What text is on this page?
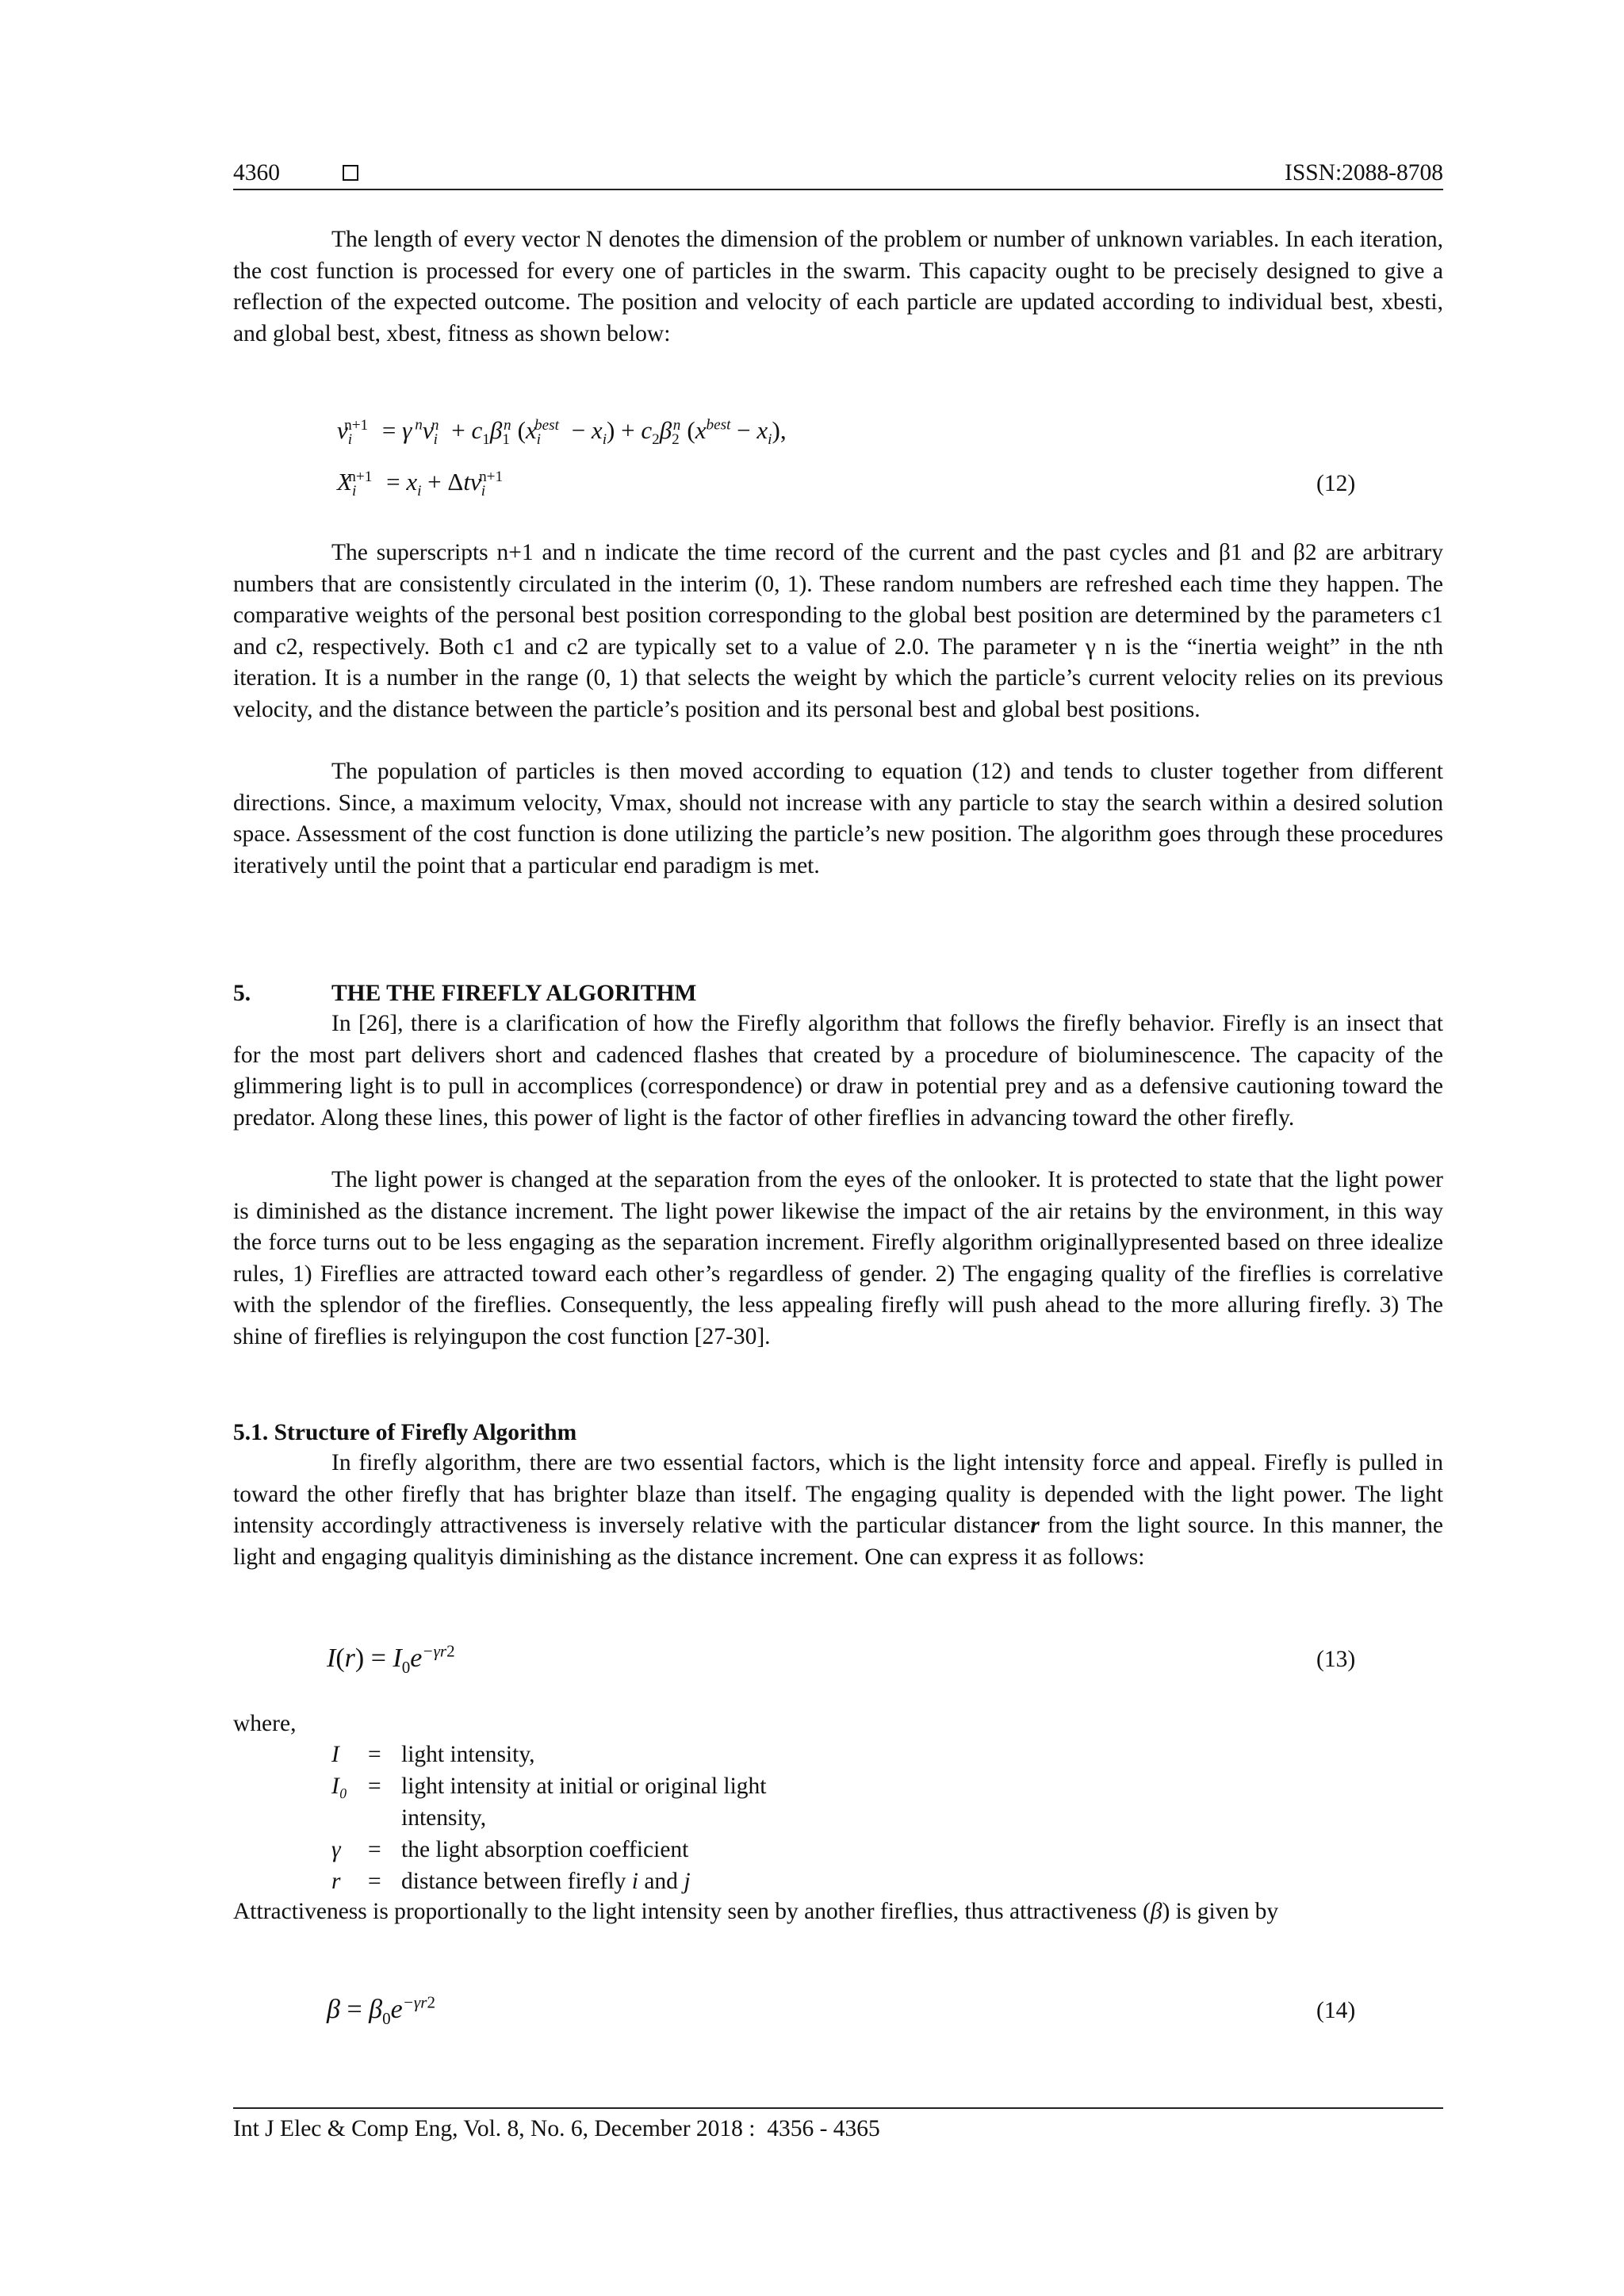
4360	ISSN:2088-8708
The length of every vector N denotes the dimension of the problem or number of unknown variables. In each iteration, the cost function is processed for every one of particles in the swarm. This capacity ought to be precisely designed to give a reflection of the expected outcome. The position and velocity of each particle are updated according to individual best, xbesti, and global best, xbest, fitness as shown below:
$v_i^{n+1} = \gamma$ $^nv_i^n + c_1\beta_1^n$ $(x_i^{best} - x_i) + c_2\beta_2^n$ $(x^{best} - x_i)$,
$X_i^{n+1} = x_i + \Delta tv_i^{n+1}$	(12)
The superscripts n+1 and n indicate the time record of the current and the past cycles and β1 and β2 are arbitrary numbers that are consistently circulated in the interim (0, 1). These random numbers are refreshed each time they happen. The comparative weights of the personal best position corresponding to the global best position are determined by the parameters c1 and c2, respectively. Both c1 and c2 are typically set to a value of 2.0. The parameter γ n is the “inertia weight” in the nth iteration. It is a number in the range (0, 1) that selects the weight by which the particle’s current velocity relies on its previous velocity, and the distance between the particle’s position and its personal best and global best positions.
The population of particles is then moved according to equation (12) and tends to cluster together from different directions. Since, a maximum velocity, Vmax, should not increase with any particle to stay the search within a desired solution space. Assessment of the cost function is done utilizing the particle’s new position. The algorithm goes through these procedures iteratively until the point that a particular end paradigm is met.
5.	THE THE FIREFLY ALGORITHM
In [26], there is a clarification of how the Firefly algorithm that follows the firefly behavior. Firefly is an insect that for the most part delivers short and cadenced flashes that created by a procedure of bioluminescence. The capacity of the glimmering light is to pull in accomplices (correspondence) or draw in potential prey and as a defensive cautioning toward the predator. Along these lines, this power of light is the factor of other fireflies in advancing toward the other firefly.
The light power is changed at the separation from the eyes of the onlooker. It is protected to state that the light power is diminished as the distance increment. The light power likewise the impact of the air retains by the environment, in this way the force turns out to be less engaging as the separation increment. Firefly algorithm originallypresented based on three idealize rules, 1) Fireflies are attracted toward each other’s regardless of gender. 2) The engaging quality of the fireflies is correlative with the splendor of the fireflies. Consequently, the less appealing firefly will push ahead to the more alluring firefly. 3) The shine of fireflies is relyingupon the cost function [27-30].
5.1. Structure of Firefly Algorithm
In firefly algorithm, there are two essential factors, which is the light intensity force and appeal. Firefly is pulled in toward the other firefly that has brighter blaze than itself. The engaging quality is depended with the light power. The light intensity accordingly attractiveness is inversely relative with the particular distancer from the light source. In this manner, the light and engaging qualityis diminishing as the distance increment. One can express it as follows:
$I(r) = I_0e^{-\gamma r2}$	(13)
where,
I = light intensity,
I₀ = light intensity at initial or original light
intensity,
γ = the light absorption coefficient
r = distance between firefly i and j
Attractiveness is proportionally to the light intensity seen by another fireflies, thus attractiveness (β) is given by
$\beta = \beta_0e^{-\gamma r2}$	(14)
Int J Elec & Comp Eng, Vol. 8, No. 6, December 2018 :  4356 - 4365
